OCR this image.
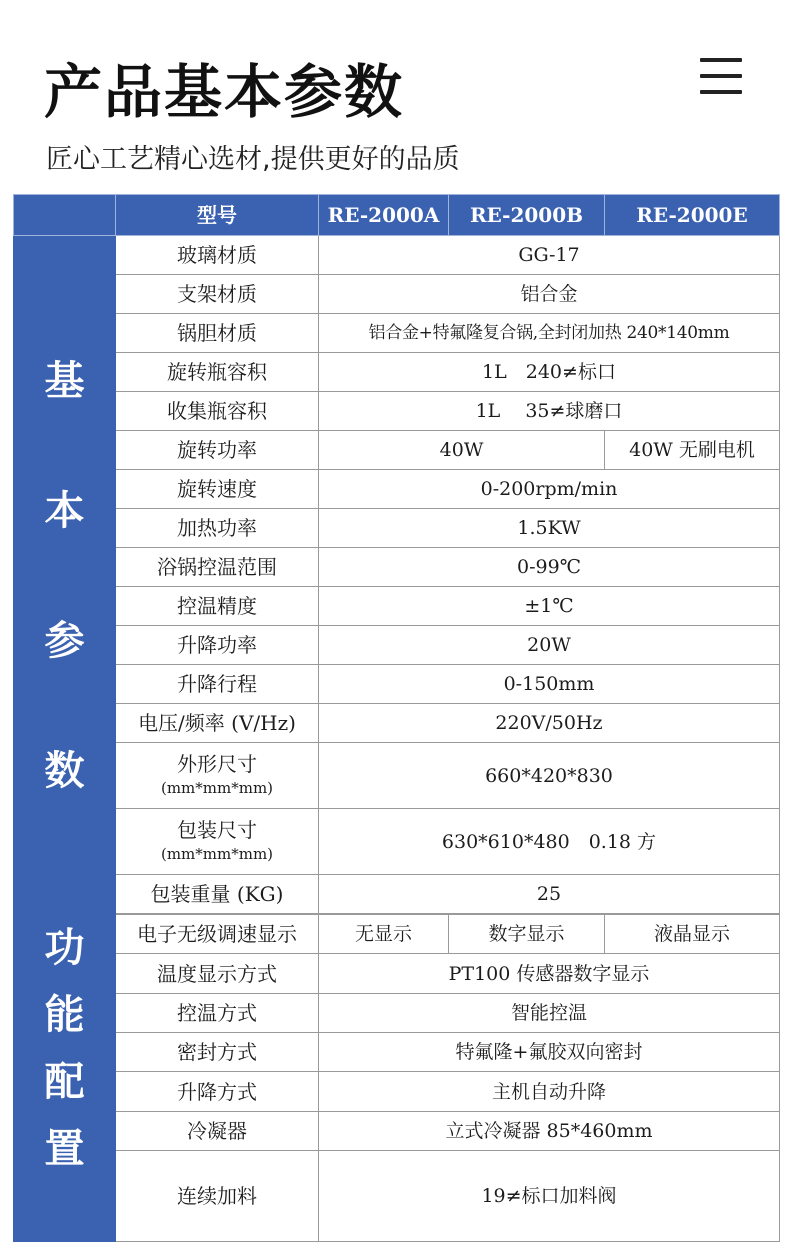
产品基本参数
匠心工艺精心选材,提供更好的品质
	型号	RE-2000A	RE-2000B	RE-2000E

基
本
参
数	玻璃材质	GG-17		
	支架材质	铝合金		
	锅胆材质	铝合金+特氟隆复合锅,全封闭加热 240*140mm		
	旋转瓶容积	1L　240≠标口		
	收集瓶容积	1L　 35≠球磨口		
	旋转功率	40W		40W 无刷电机
	旋转速度	0-200rpm/min		
	加热功率	1.5KW		
	浴锅控温范围	0-99℃		
	控温精度	±1℃		
	升降功率	20W		
	升降行程	0-150mm		
	电压/频率 (V/Hz)	220V/50Hz		
	外形尺寸
(mm*mm*mm)	660*420*830		
	包装尺寸
(mm*mm*mm)	630*610*480　0.18 方		
	包装重量 (KG)	25		

功
能
配
置	电子无级调速显示	无显示	数字显示	液晶显示
	温度显示方式	PT100 传感器数字显示		
	控温方式	智能控温		
	密封方式	特氟隆+氟胶双向密封		
	升降方式	主机自动升降		
	冷凝器	立式冷凝器 85*460mm		
	连续加料	19≠标口加料阀		
